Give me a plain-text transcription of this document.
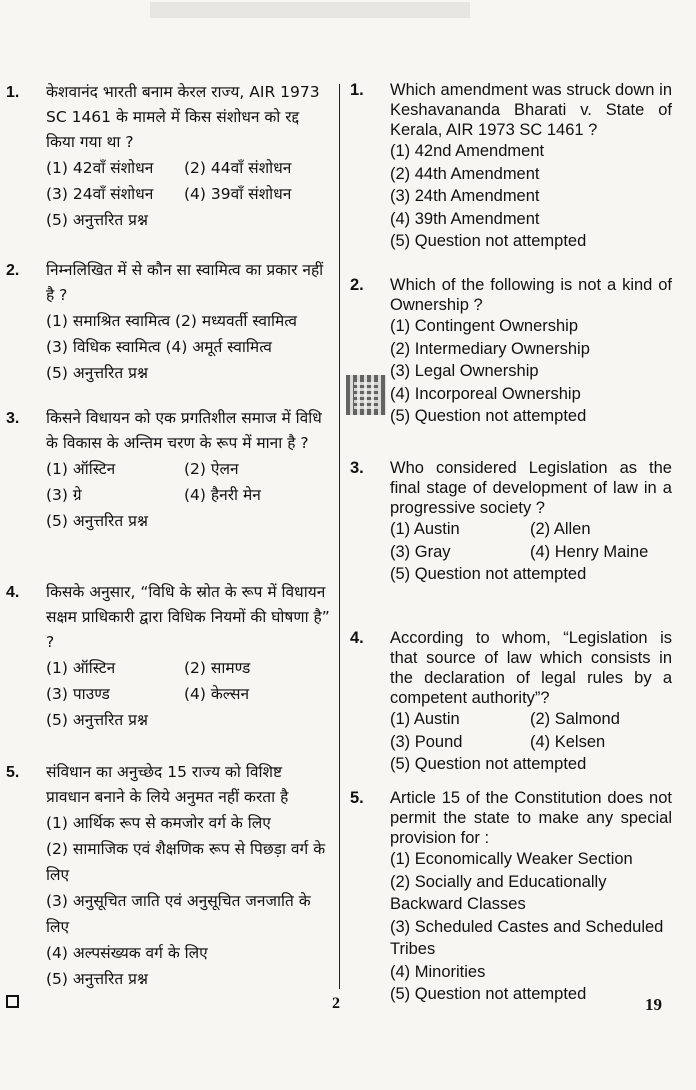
1.	केशवानंद भारती बनाम केरल राज्य, AIR 1973 SC 1461 के मामले में किस संशोधन को रद्द किया गया था ?
(1) 42वाँ संशोधन	(2) 44वाँ संशोधन
(3) 24वाँ संशोधन	(4) 39वाँ संशोधन
(5) अनुत्तरित प्रश्न
2.	निम्नलिखित में से कौन सा स्वामित्व का प्रकार नहीं है ?
(1) समाश्रित स्वामित्व (2) मध्यवर्ती स्वामित्व
(3) विधिक स्वामित्व (4) अमूर्त स्वामित्व
(5) अनुत्तरित प्रश्न
3.	किसने विधायन को एक प्रगतिशील समाज में विधि के विकास के अन्तिम चरण के रूप में माना है ?
(1) ऑस्टिन	(2) ऐलन
(3) ग्रे	(4) हैनरी मेन
(5) अनुत्तरित प्रश्न
4.	किसके अनुसार, “विधि के स्रोत के रूप में विधायन सक्षम प्राधिकारी द्वारा विधिक नियमों की घोषणा है” ?
(1) ऑस्टिन	(2) सामण्ड
(3) पाउण्ड	(4) केल्सन
(5) अनुत्तरित प्रश्न
5.	संविधान का अनुच्छेद 15 राज्य को विशिष्ट प्रावधान बनाने के लिये अनुमत नहीं करता है
(1) आर्थिक रूप से कमजोर वर्ग के लिए
(2) सामाजिक एवं शैक्षणिक रूप से पिछड़ा वर्ग के लिए
(3) अनुसूचित जाति एवं अनुसूचित जनजाति के लिए
(4) अल्पसंख्यक वर्ग के लिए
(5) अनुत्तरित प्रश्न
1.	Which amendment was struck down in Keshavananda Bharati v. State of Kerala, AIR 1973 SC 1461 ?
(1) 42nd Amendment
(2) 44th Amendment
(3) 24th Amendment
(4) 39th Amendment
(5) Question not attempted
2.	Which of the following is not a kind of Ownership ?
(1) Contingent Ownership
(2) Intermediary Ownership
(3) Legal Ownership
(4) Incorporeal Ownership
(5) Question not attempted
3.	Who considered Legislation as the final stage of development of law in a progressive society ?
(1) Austin	(2) Allen
(3) Gray	(4) Henry Maine
(5) Question not attempted
4.	According to whom, “Legislation is that source of law which consists in the declaration of legal rules by a competent authority”?
(1) Austin	(2) Salmond
(3) Pound	(4) Kelsen
(5) Question not attempted
5.	Article 15 of the Constitution does not permit the state to make any special provision for :
(1) Economically Weaker Section
(2) Socially and Educationally Backward Classes
(3) Scheduled Castes and Scheduled Tribes
(4) Minorities
(5) Question not attempted
2	19
